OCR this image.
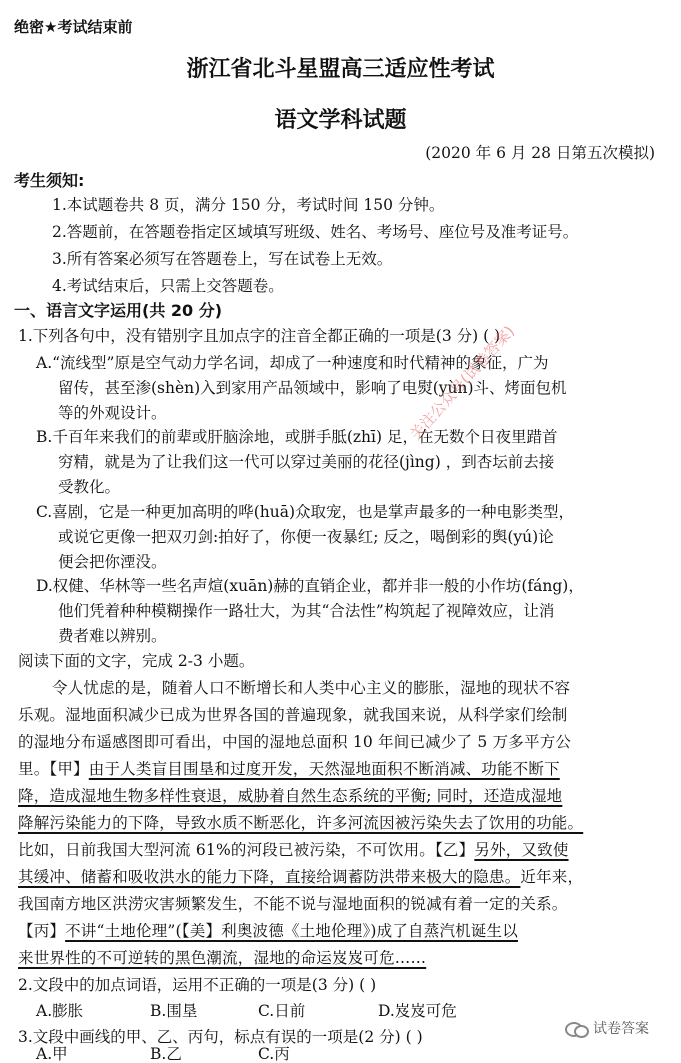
绝密★考试结束前
浙江省北斗星盟高三适应性考试
语文学科试题
(2020 年 6 月 28 日第五次模拟)
考生须知:
1.本试题卷共 8 页，满分 150 分，考试时间 150 分钟。
2.答题前，在答题卷指定区域填写班级、姓名、考场号、座位号及准考证号。
3.所有答案必须写在答题卷上，写在试卷上无效。
4.考试结束后，只需上交答题卷。
一、语言文字运用(共 20 分)
1.下列各句中，没有错别字且加点字的注音全都正确的一项是(3 分) ( )
A.“流线型”原是空气动力学名词，却成了一种速度和时代精神的象征，广为
留传，甚至渗(shèn)入到家用产品领域中，影响了电熨(yùn)斗、烤面包机
等的外观设计。
B.千百年来我们的前辈或肝脑涂地，或胼手胝(zhī) 足，在无数个日夜里踖首
穷精，就是为了让我们这一代可以穿过美丽的花径(jìng) ，到杏坛前去接
受教化。
C.喜剧，它是一种更加高明的哗(huā)众取宠，也是掌声最多的一种电影类型，
或说它更像一把双刃剑:拍好了，你便一夜暴红; 反之，喝倒彩的舆(yú)论
便会把你湮没。
D.权健、华林等一些名声煊(xuān)赫的直销企业，都并非一般的小作坊(fáng)，
他们凭着种种模糊操作一路壮大，为其“合法性”构筑起了视障效应，让消
费者难以辨别。
阅读下面的文字，完成 2-3 小题。
令人忧虑的是，随着人口不断增长和人类中心主义的膨胀，湿地的现状不容
乐观。湿地面积减少已成为世界各国的普遍现象，就我国来说，从科学家们绘制
的湿地分布遥感图即可看出，中国的湿地总面积 10 年间已减少了 5 万多平方公
里。【甲】由于人类盲目围垦和过度开发，天然湿地面积不断消减、功能不断下
降，造成湿地生物多样性衰退，威胁着自然生态系统的平衡; 同时，还造成湿地
降解污染能力的下降，导致水质不断恶化，许多河流因被污染失去了饮用的功能。
比如，日前我国大型河流 61%的河段已被污染，不可饮用。【乙】另外，又致使
其缓冲、储蓄和吸收洪水的能力下降，直接给调蓄防洪带来极大的隐患。近年来，
我国南方地区洪涝灾害频繁发生，不能不说与湿地面积的锐减有着一定的关系。
【丙】不讲“土地伦理”(【美】利奥波德《土地伦理》)成了自蒸汽机诞生以
来世界性的不可逆转的黑色潮流，湿地的命运岌岌可危……
2.文段中的加点词语，运用不正确的一项是(3 分) ( )
A.膨胀	B.围垦	C.日前	D.岌岌可危
3.文段中画线的甲、乙、丙句，标点有误的一项是(2 分) ( )
A.甲	B.乙	C.丙
关注公众号(试卷答案)
试卷答案
